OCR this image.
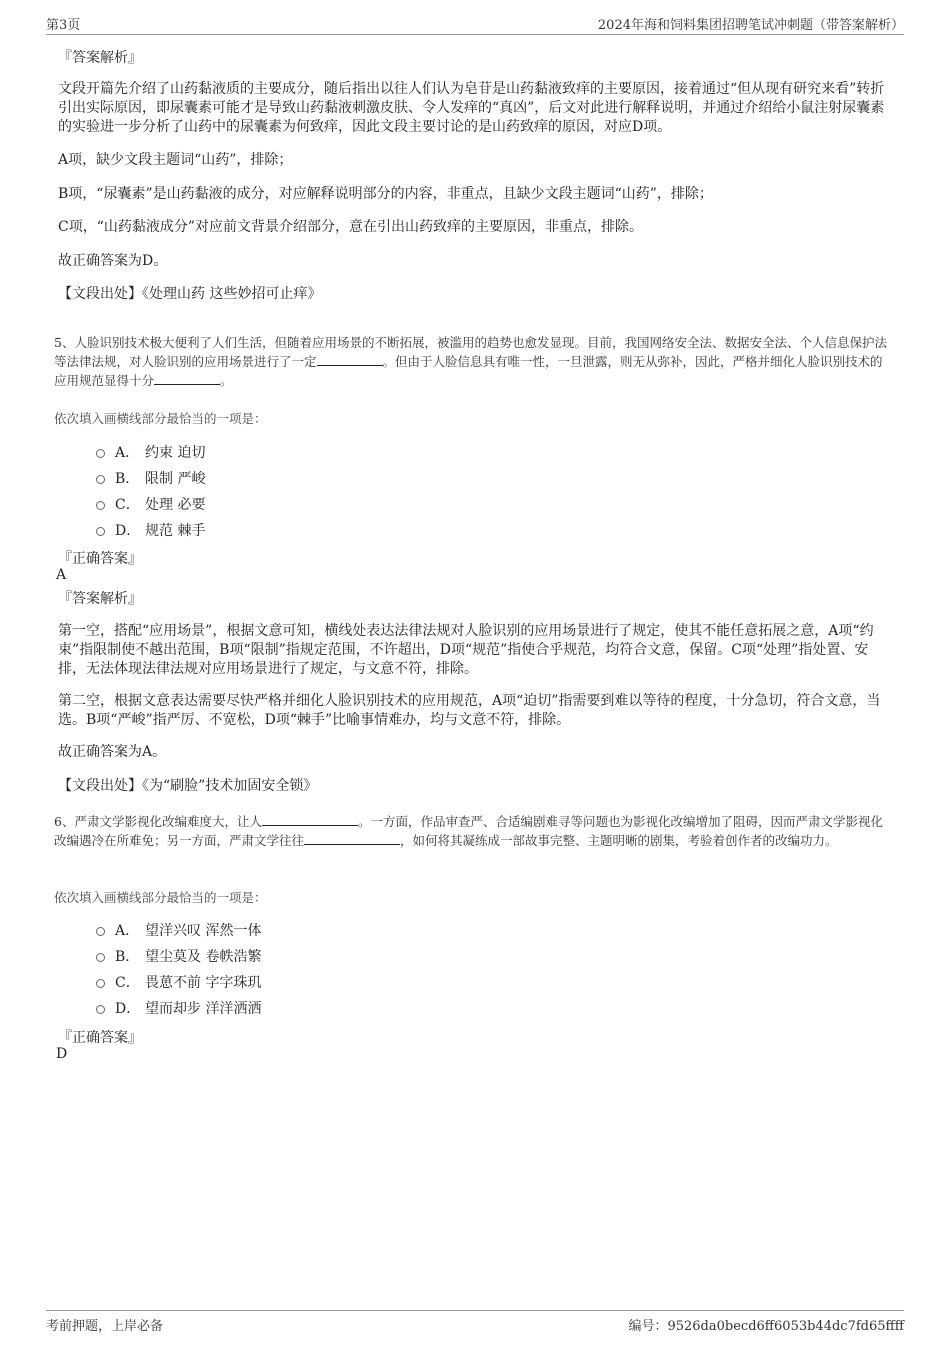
第3页	2024年海和饲料集团招聘笔试冲刺题（带答案解析）
『答案解析』
文段开篇先介绍了山药黏液质的主要成分，随后指出以往人们认为皂苷是山药黏液致痒的主要原因，接着通过“但从现有研究来看”转折引出实际原因，即尿囊素可能才是导致山药黏液刺激皮肤、令人发痒的“真凶”，后文对此进行解释说明，并通过介绍给小鼠注射尿囊素的实验进一步分析了山药中的尿囊素为何致痒，因此文段主要讨论的是山药致痒的原因，对应D项。
A项，缺少文段主题词“山药”，排除；
B项，“尿囊素”是山药黏液的成分，对应解释说明部分的内容，非重点，且缺少文段主题词“山药”，排除；
C项，“山药黏液成分”对应前文背景介绍部分，意在引出山药致痒的主要原因，非重点，排除。
故正确答案为D。
【文段出处】《处理山药 这些妙招可止痒》
5、人脸识别技术极大便利了人们生活，但随着应用场景的不断拓展，被滥用的趋势也愈发显现。目前，我国网络安全法、数据安全法、个人信息保护法等法律法规，对人脸识别的应用场景进行了一定	。但由于人脸信息具有唯一性，一旦泄露，则无从弥补，因此，严格并细化人脸识别技术的应用规范显得十分	。
依次填入画横线部分最恰当的一项是：
A． 约束 迫切
B． 限制 严峻
C． 处理 必要
D． 规范 棘手
『正确答案』
A
『答案解析』
第一空，搭配“应用场景”，根据文意可知，横线处表达法律法规对人脸识别的应用场景进行了规定，使其不能任意拓展之意，A项“约束”指限制使不越出范围，B项“限制”指规定范围，不许超出，D项“规范”指使合乎规范，均符合文意，保留。C项“处理”指处置、安排，无法体现法律法规对应用场景进行了规定，与文意不符，排除。
第二空，根据文意表达需要尽快严格并细化人脸识别技术的应用规范，A项“迫切”指需要到难以等待的程度，十分急切，符合文意，当选。B项“严峻”指严厉、不宽松，D项“棘手”比喻事情难办，均与文意不符，排除。
故正确答案为A。
【文段出处】《为“刷脸”技术加固安全锁》
6、严肃文学影视化改编难度大，让人	。一方面，作品审查严、合适编剧难寻等问题也为影视化改编增加了阻碍，因而严肃文学影视化改编遇冷在所难免；另一方面，严肃文学往往	，如何将其凝练成一部故事完整、主题明晰的剧集，考验着创作者的改编功力。
依次填入画横线部分最恰当的一项是：
A． 望洋兴叹 浑然一体
B． 望尘莫及 卷帙浩繁
C． 畏葸不前 字字珠玑
D． 望而却步 洋洋洒洒
『正确答案』
D
考前押题，上岸必备	编号：9526da0becd6ff6053b44dc7fd65ffff
